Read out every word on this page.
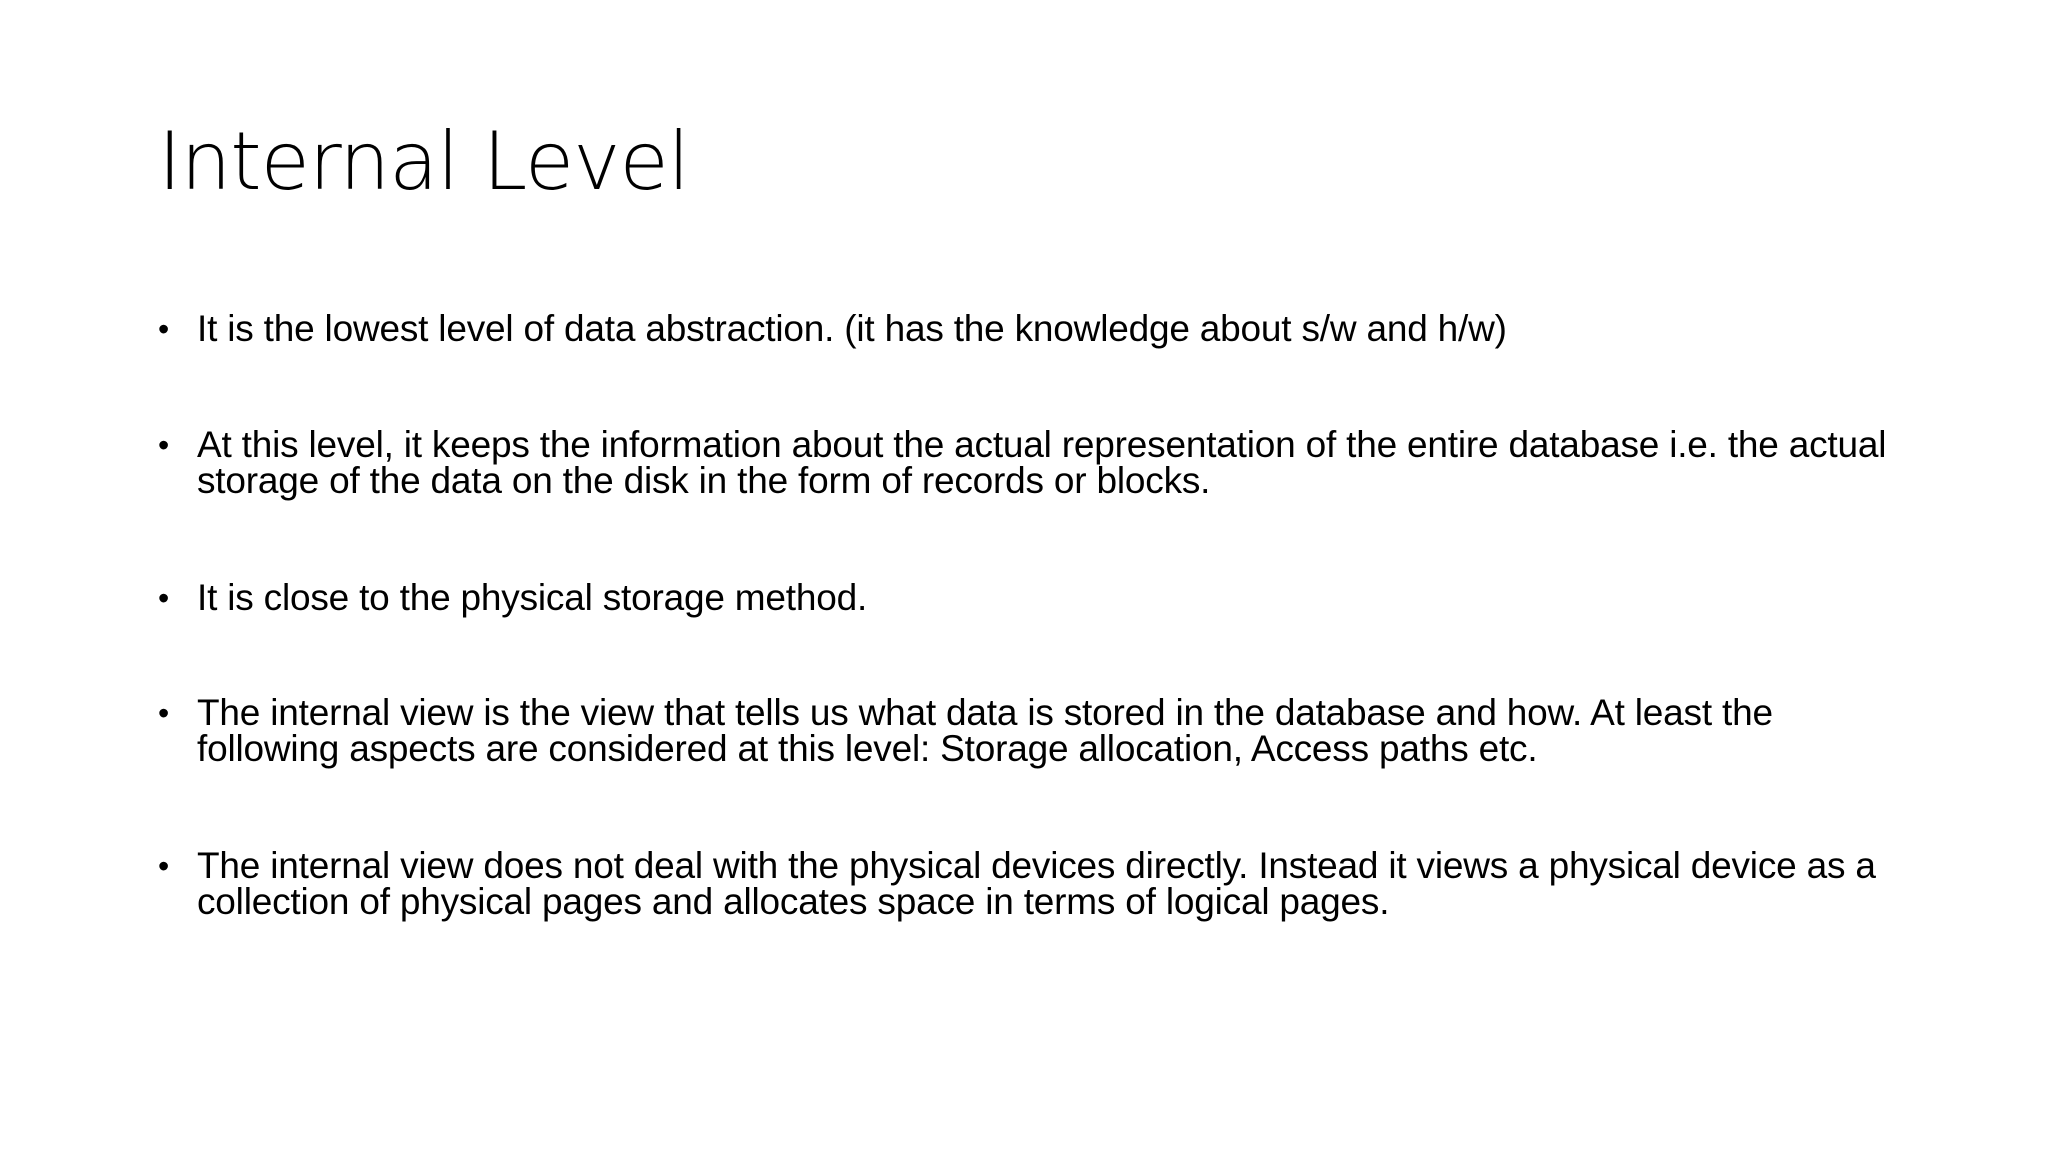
Internal Level
• It is the lowest level of data abstraction. (it has the knowledge about s/w and h/w)
• At this level, it keeps the information about the actual representation of the entire database i.e. the actual storage of the data on the disk in the form of records or blocks.
• It is close to the physical storage method.
• The internal view is the view that tells us what data is stored in the database and how. At least the following aspects are considered at this level: Storage allocation, Access paths etc.
• The internal view does not deal with the physical devices directly. Instead it views a physical device as a collection of physical pages and allocates space in terms of logical pages.
